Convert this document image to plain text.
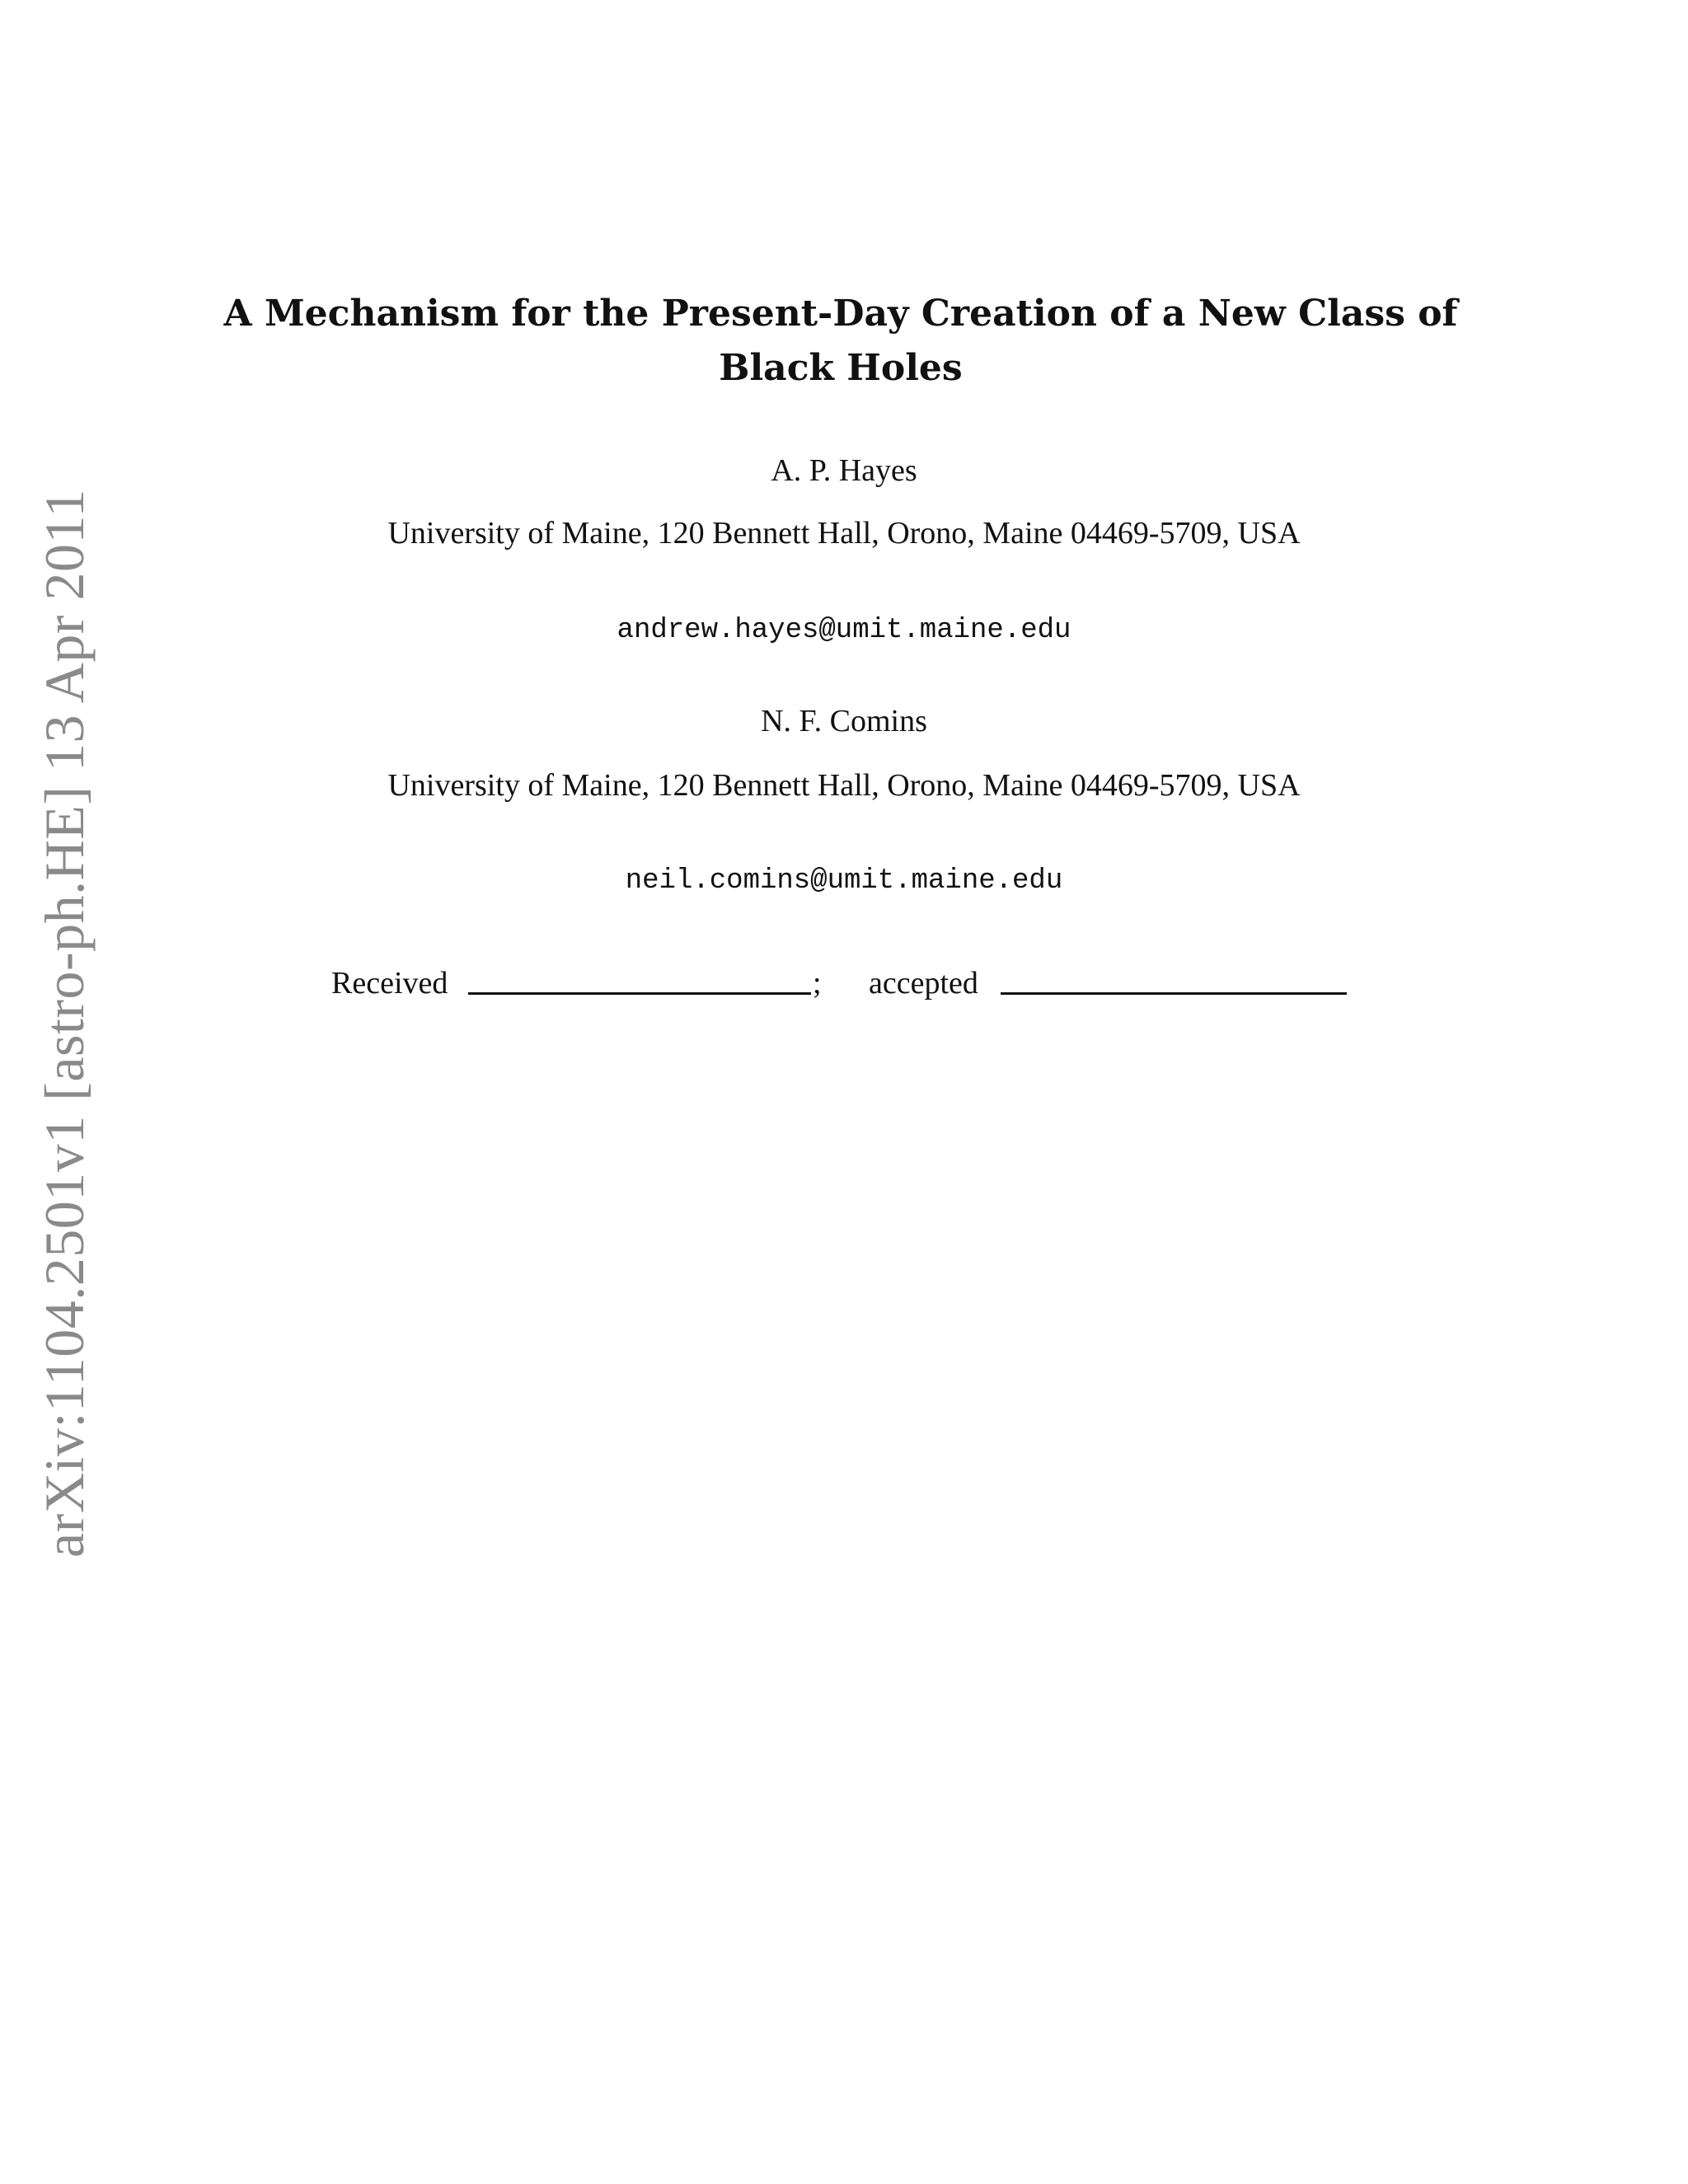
arXiv:1104.2501v1 [astro-ph.HE] 13 Apr 2011
A Mechanism for the Present-Day Creation of a New Class of Black Holes
A. P. Hayes
University of Maine, 120 Bennett Hall, Orono, Maine 04469-5709, USA
andrew.hayes@umit.maine.edu
N. F. Comins
University of Maine, 120 Bennett Hall, Orono, Maine 04469-5709, USA
neil.comins@umit.maine.edu
Received	; accepted
